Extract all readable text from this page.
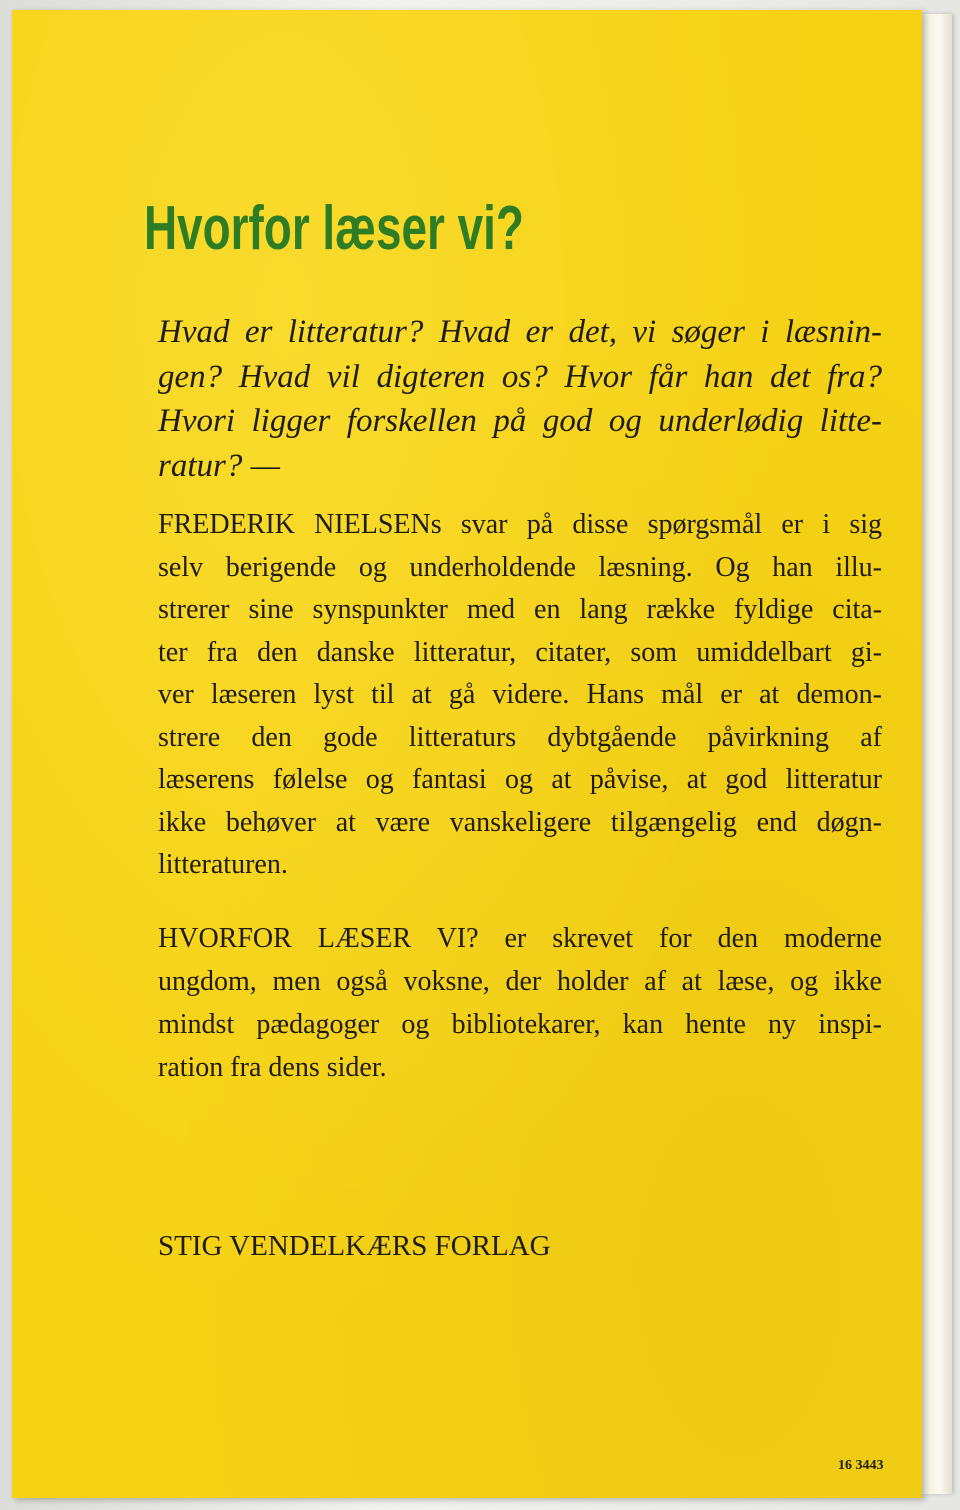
Hvorfor læser vi?
Hvad er litteratur? Hvad er det, vi søger i læsnin-
gen? Hvad vil digteren os? Hvor får han det fra?
Hvori ligger forskellen på god og underlødig litte-
ratur? —
FREDERIK NIELSENs svar på disse spørgsmål er i sig
selv berigende og underholdende læsning. Og han illu-
strerer sine synspunkter med en lang række fyldige cita-
ter fra den danske litteratur, citater, som umiddelbart gi-
ver læseren lyst til at gå videre. Hans mål er at demon-
strere den gode litteraturs dybtgående påvirkning af
læserens følelse og fantasi og at påvise, at god litteratur
ikke behøver at være vanskeligere tilgængelig end døgn-
litteraturen.
HVORFOR LÆSER VI? er skrevet for den moderne
ungdom, men også voksne, der holder af at læse, og ikke
mindst pædagoger og bibliotekarer, kan hente ny inspi-
ration fra dens sider.

STIG VENDELKÆRS FORLAG

16 3443
